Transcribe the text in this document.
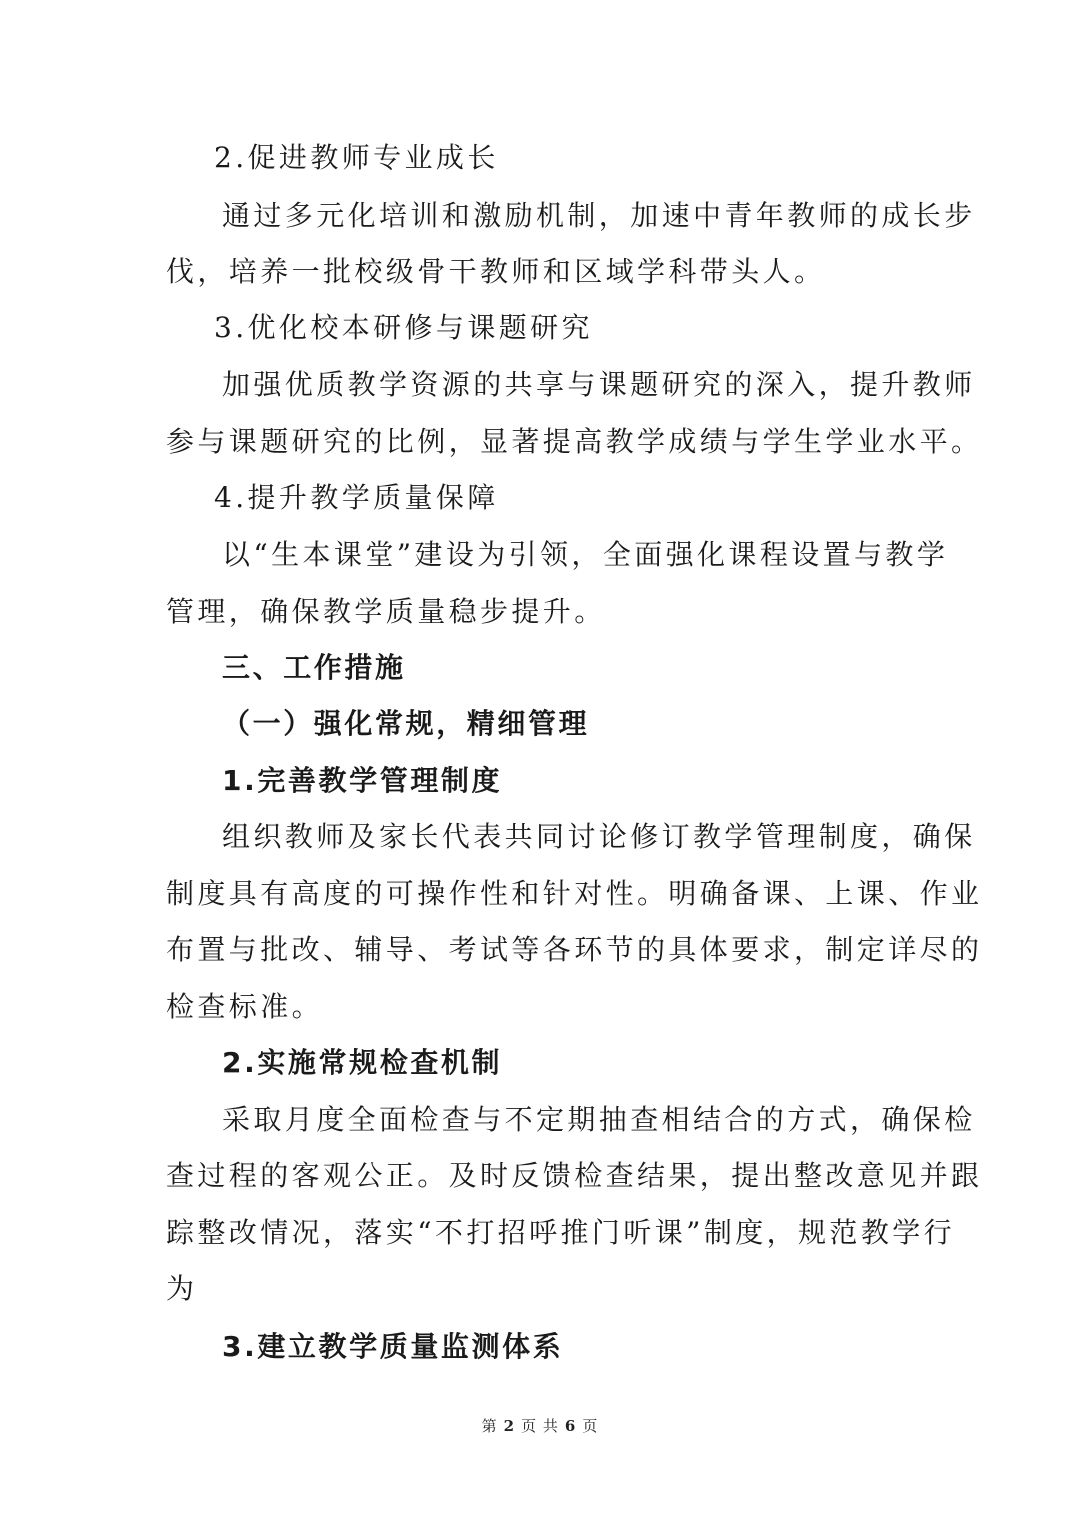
2.促进教师专业成长
通过多元化培训和激励机制，加速中青年教师的成长步
伐，培养一批校级骨干教师和区域学科带头人。
3.优化校本研修与课题研究
加强优质教学资源的共享与课题研究的深入，提升教师
参与课题研究的比例，显著提高教学成绩与学生学业水平。
4.提升教学质量保障
以“生本课堂”建设为引领，全面强化课程设置与教学
管理，确保教学质量稳步提升。
三、工作措施
（一）强化常规，精细管理
1.完善教学管理制度
组织教师及家长代表共同讨论修订教学管理制度，确保
制度具有高度的可操作性和针对性。明确备课、上课、作业
布置与批改、辅导、考试等各环节的具体要求，制定详尽的
检查标准。
2.实施常规检查机制
采取月度全面检查与不定期抽查相结合的方式，确保检
查过程的客观公正。及时反馈检查结果，提出整改意见并跟
踪整改情况，落实“不打招呼推门听课”制度，规范教学行
为
3.建立教学质量监测体系
第 2 页 共 6 页
